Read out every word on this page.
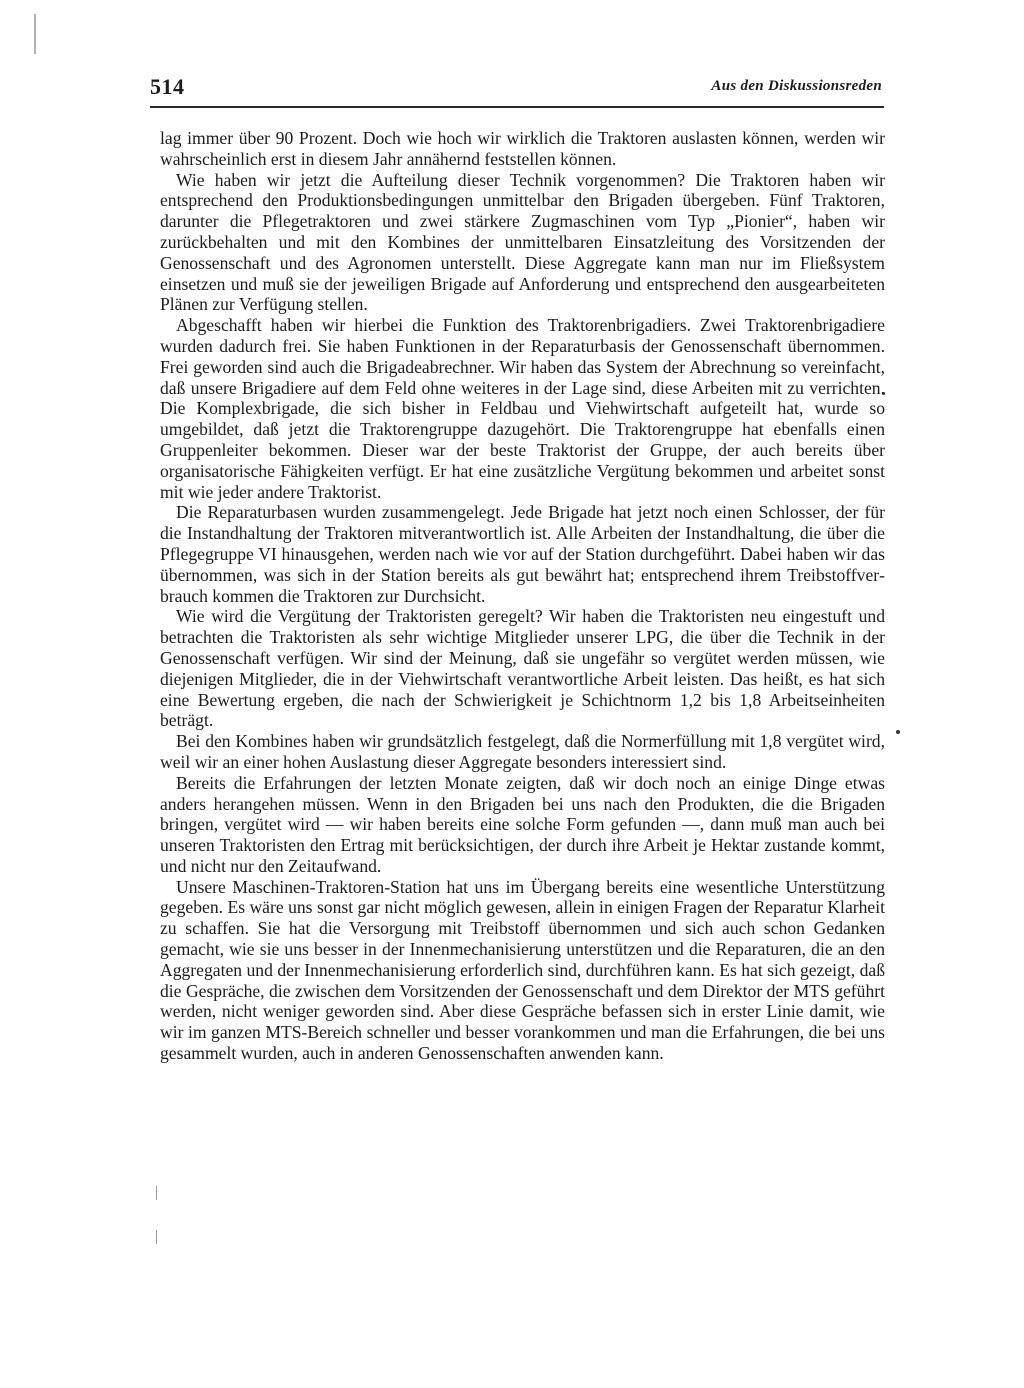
514	Aus den Diskussionsreden

lag immer über 90 Prozent. Doch wie hoch wir wirklich die Traktoren auslasten können, werden wir wahrscheinlich erst in diesem Jahr annähernd feststellen können.

Wie haben wir jetzt die Aufteilung dieser Technik vorgenommen? Die Traktoren haben wir entsprechend den Produktionsbedingungen unmittelbar den Brigaden übergeben. Fünf Traktoren, darunter die Pflegetraktoren und zwei stärkere Zugmaschinen vom Typ „Pionier“, haben wir zurückbehalten und mit den Kombines der unmittelbaren Einsatzleitung des Vorsitzenden der Genossenschaft und des Agronomen unterstellt. Diese Aggregate kann man nur im Fließsystem einsetzen und muß sie der jeweiligen Brigade auf Anforderung und entsprechend den ausgearbeiteten Plänen zur Verfügung stellen.

Abgeschafft haben wir hierbei die Funktion des Traktorenbrigadiers. Zwei Traktorenbrigadiere wurden dadurch frei. Sie haben Funktionen in der Reparaturbasis der Genossenschaft übernommen. Frei geworden sind auch die Brigadeabrechner. Wir haben das System der Abrechnung so vereinfacht, daß unsere Brigadiere auf dem Feld ohne weiteres in der Lage sind, diese Arbeiten mit zu verrichten. Die Komplexbrigade, die sich bisher in Feldbau und Viehwirtschaft aufgeteilt hat, wurde so umgebildet, daß jetzt die Traktorengruppe dazugehört. Die Traktorengruppe hat ebenfalls einen Gruppenleiter bekommen. Dieser war der beste Traktorist der Gruppe, der auch bereits über organisatorische Fähigkeiten verfügt. Er hat eine zusätzliche Vergütung bekommen und arbeitet sonst mit wie jeder andere Traktorist.

Die Reparaturbasen wurden zusammengelegt. Jede Brigade hat jetzt noch einen Schlosser, der für die Instandhaltung der Traktoren mitverantwortlich ist. Alle Arbeiten der Instandhaltung, die über die Pflegegruppe VI hinausgehen, werden nach wie vor auf der Station durchgeführt. Dabei haben wir das übernommen, was sich in der Station bereits als gut bewährt hat; entsprechend ihrem Treibstoffverbrauch kommen die Traktoren zur Durchsicht.

Wie wird die Vergütung der Traktoristen geregelt? Wir haben die Traktoristen neu eingestuft und betrachten die Traktoristen als sehr wichtige Mitglieder unserer LPG, die über die Technik in der Genossenschaft verfügen. Wir sind der Meinung, daß sie ungefähr so vergütet werden müssen, wie diejenigen Mitglieder, die in der Viehwirtschaft verantwortliche Arbeit leisten. Das heißt, es hat sich eine Bewertung ergeben, die nach der Schwierigkeit je Schichtnorm 1,2 bis 1,8 Arbeitseinheiten beträgt.

Bei den Kombines haben wir grundsätzlich festgelegt, daß die Normerfüllung mit 1,8 vergütet wird, weil wir an einer hohen Auslastung dieser Aggregate besonders interessiert sind.

Bereits die Erfahrungen der letzten Monate zeigten, daß wir doch noch an einige Dinge etwas anders herangehen müssen. Wenn in den Brigaden bei uns nach den Produkten, die die Brigaden bringen, vergütet wird — wir haben bereits eine solche Form gefunden —, dann muß man auch bei unseren Traktoristen den Ertrag mit berücksichtigen, der durch ihre Arbeit je Hektar zustande kommt, und nicht nur den Zeitaufwand.

Unsere Maschinen-Traktoren-Station hat uns im Übergang bereits eine wesentliche Unterstützung gegeben. Es wäre uns sonst gar nicht möglich gewesen, allein in einigen Fragen der Reparatur Klarheit zu schaffen. Sie hat die Versorgung mit Treibstoff übernommen und sich auch schon Gedanken gemacht, wie sie uns besser in der Innenmechanisierung unterstützen und die Reparaturen, die an den Aggregaten und der Innenmechanisierung erforderlich sind, durchführen kann. Es hat sich gezeigt, daß die Gespräche, die zwischen dem Vorsitzenden der Genossenschaft und dem Direktor der MTS geführt werden, nicht weniger geworden sind. Aber diese Gespräche befassen sich in erster Linie damit, wie wir im ganzen MTS-Bereich schneller und besser vorankommen und man die Erfahrungen, die bei uns gesammelt wurden, auch in anderen Genossenschaften anwenden kann.
